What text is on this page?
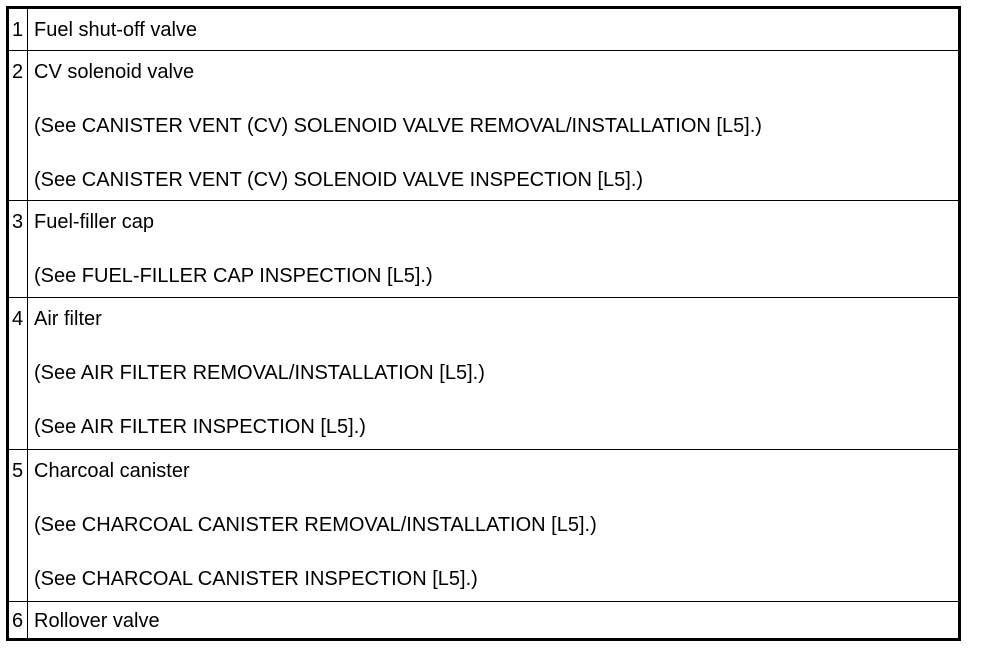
1	Fuel shut-off valve

2	CV solenoid valve
(See CANISTER VENT (CV) SOLENOID VALVE REMOVAL/INSTALLATION [L5].)
(See CANISTER VENT (CV) SOLENOID VALVE INSPECTION [L5].)

3	Fuel-filler cap
(See FUEL-FILLER CAP INSPECTION [L5].)

4	Air filter
(See AIR FILTER REMOVAL/INSTALLATION [L5].)
(See AIR FILTER INSPECTION [L5].)

5	Charcoal canister
(See CHARCOAL CANISTER REMOVAL/INSTALLATION [L5].)
(See CHARCOAL CANISTER INSPECTION [L5].)

6	Rollover valve
